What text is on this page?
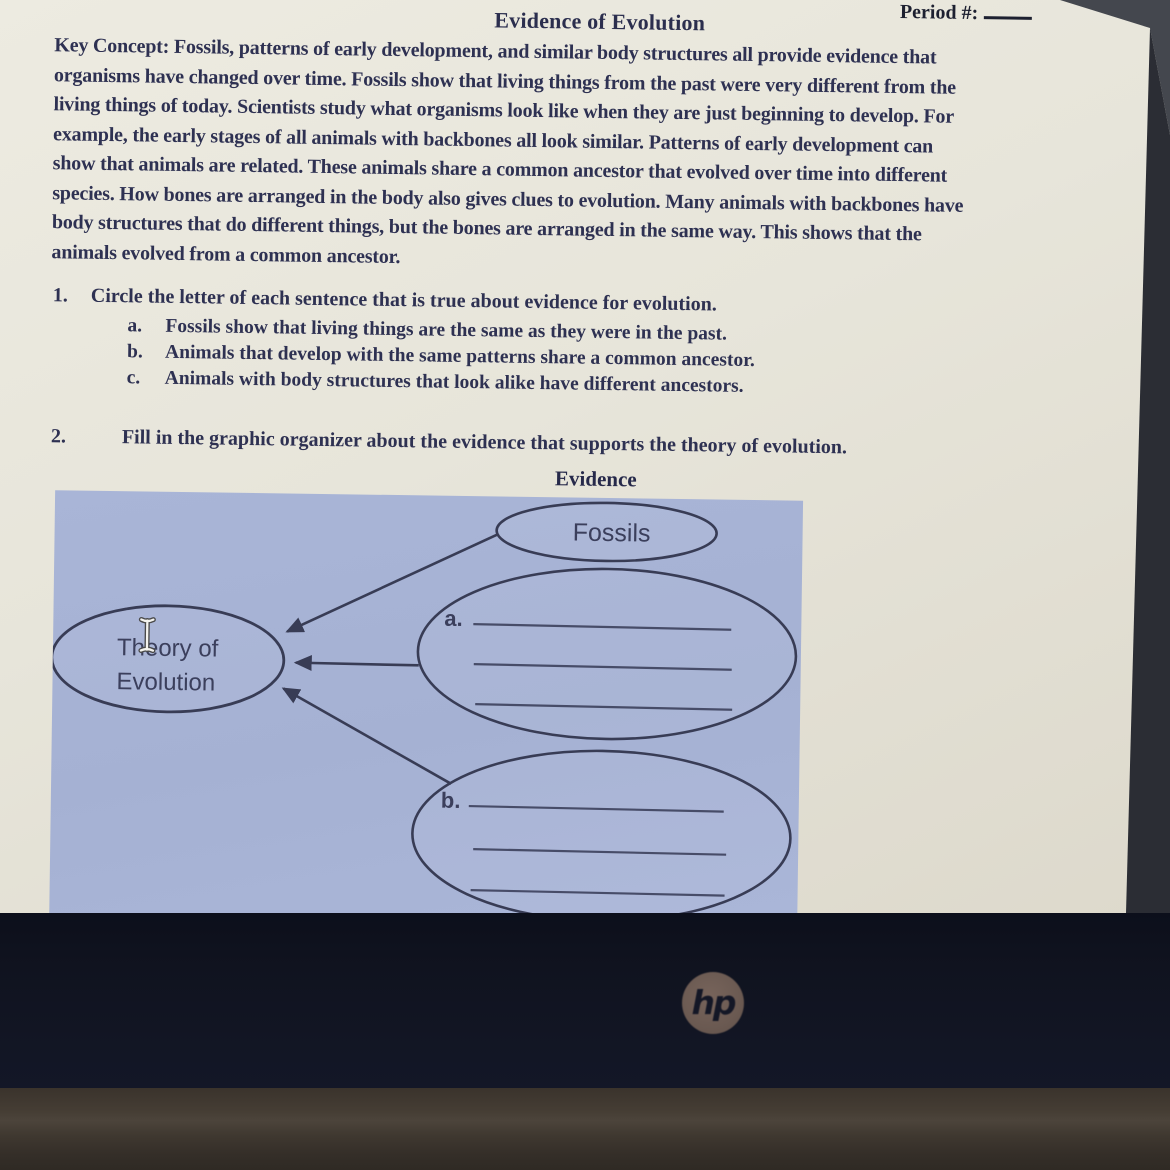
Evidence of Evolution	Period #:
Key Concept: Fossils, patterns of early development, and similar body structures all provide evidence that
organisms have changed over time. Fossils show that living things from the past were very different from the
living things of today. Scientists study what organisms look like when they are just beginning to develop. For
example, the early stages of all animals with backbones all look similar. Patterns of early development can
show that animals are related. These animals share a common ancestor that evolved over time into different
species. How bones are arranged in the body also gives clues to evolution. Many animals with backbones have
body structures that do different things, but the bones are arranged in the same way. This shows that the
animals evolved from a common ancestor.
1. Circle the letter of each sentence that is true about evidence for evolution.
a. Fossils show that living things are the same as they were in the past.
b. Animals that develop with the same patterns share a common ancestor.
c. Animals with body structures that look alike have different ancestors.
2.	Fill in the graphic organizer about the evidence that supports the theory of evolution.
Evidence
Fossils
Theory of
Evolution
a.
b.
hp
